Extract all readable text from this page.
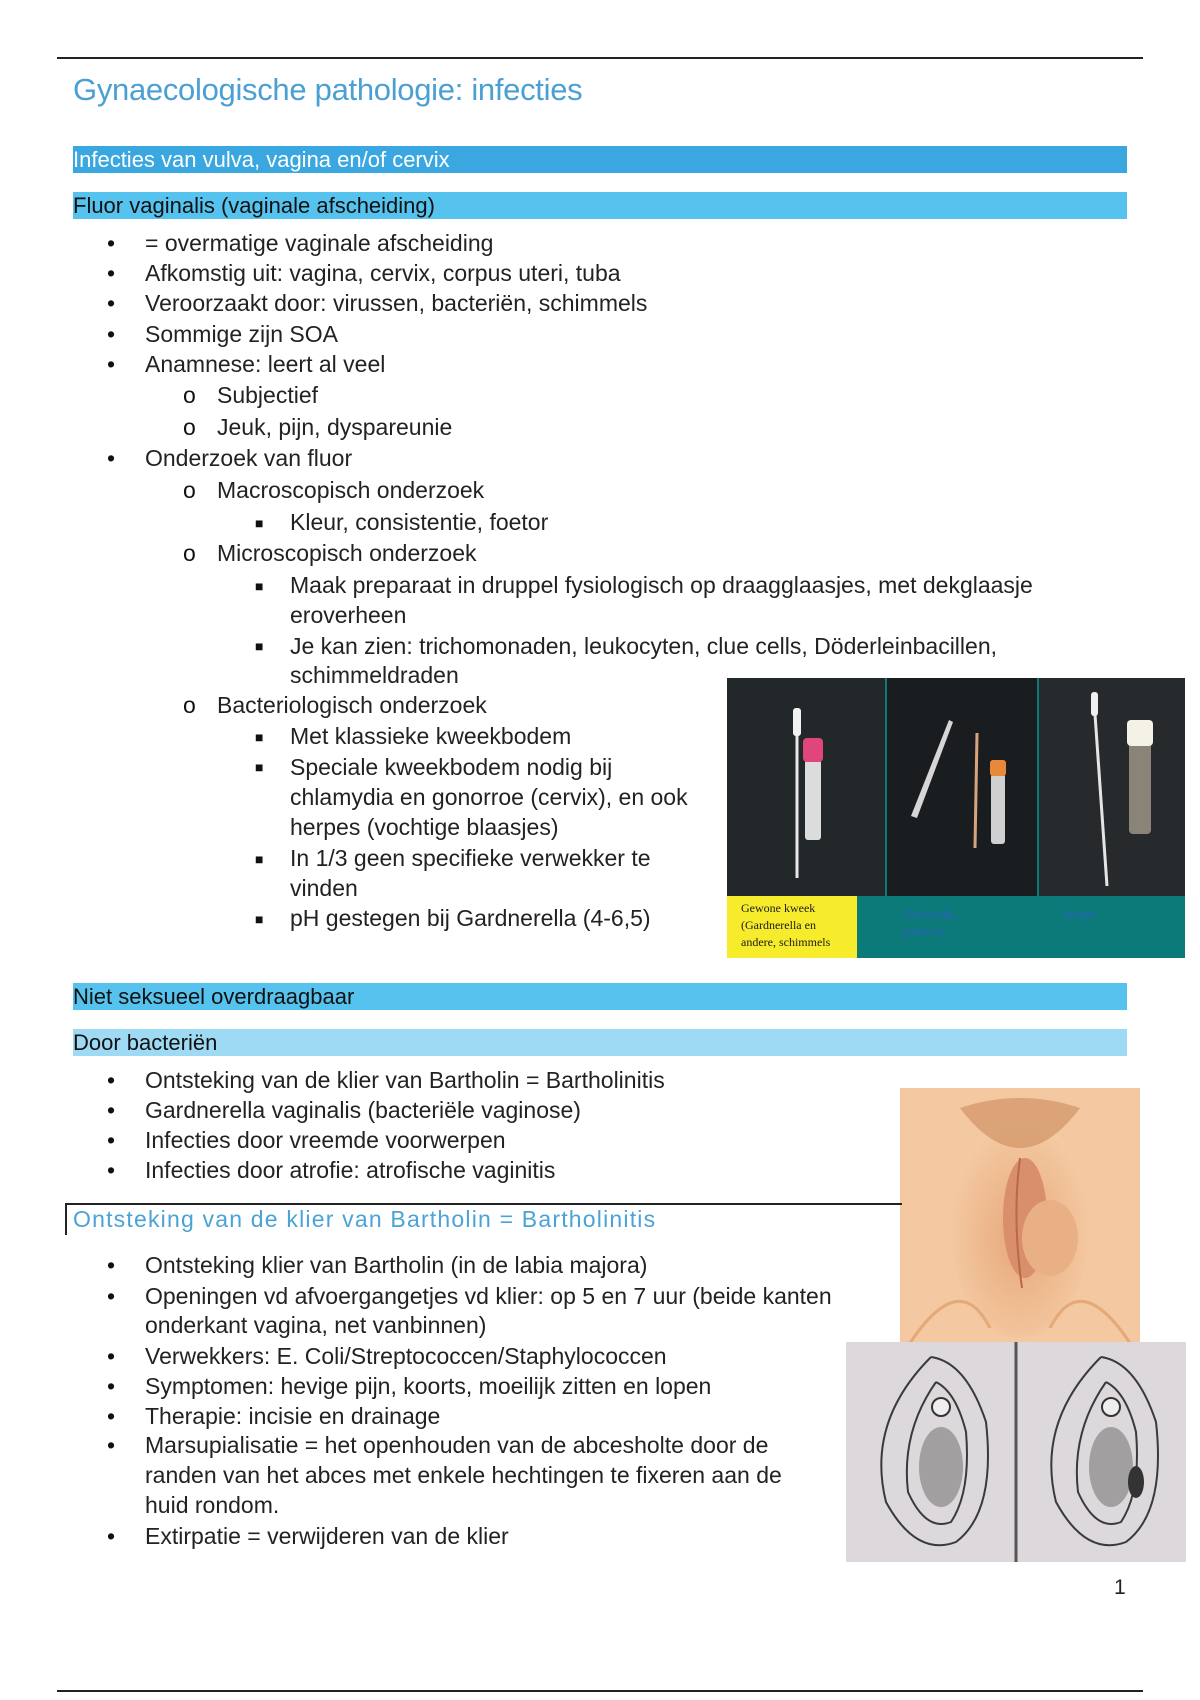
Gynaecologische pathologie: infecties
Infecties van vulva, vagina en/of cervix
Fluor vaginalis (vaginale afscheiding)
• = overmatige vaginale afscheiding
• Afkomstig uit: vagina, cervix, corpus uteri, tuba
• Veroorzaakt door: virussen, bacteriën, schimmels
• Sommige zijn SOA
• Anamnese: leert al veel
o Subjectief
o Jeuk, pijn, dyspareunie
• Onderzoek van fluor
o Macroscopisch onderzoek
■ Kleur, consistentie, foetor
o Microscopisch onderzoek
■ Maak preparaat in druppel fysiologisch op draagglaasjes, met dekglaasje
eroverheen
■ Je kan zien: trichomonaden, leukocyten, clue cells, Döderleinbacillen,
schimmeldraden
o Bacteriologisch onderzoek
■ Met klassieke kweekbodem
■ Speciale kweekbodem nodig bij
chlamydia en gonorroe (cervix), en ook
herpes (vochtige blaasjes)
■ In 1/3 geen specifieke verwekker te
vinden
■ pH gestegen bij Gardnerella (4-6,5)	Gewone kweek
(Gardnerella en
andere, schimmels
Chlamydia,
gonorroe
herpes
Niet seksueel overdraagbaar
Door bacteriën
• Ontsteking van de klier van Bartholin = Bartholinitis
• Gardnerella vaginalis (bacteriële vaginose)
• Infecties door vreemde voorwerpen
• Infecties door atrofie: atrofische vaginitis
Ontsteking van de klier van Bartholin = Bartholinitis
• Ontsteking klier van Bartholin (in de labia majora)
• Openingen vd afvoergangetjes vd klier: op 5 en 7 uur (beide kanten
onderkant vagina, net vanbinnen)
• Verwekkers: E. Coli/Streptococcen/Staphylococcen
• Symptomen: hevige pijn, koorts, moeilijk zitten en lopen
• Therapie: incisie en drainage
• Marsupialisatie = het openhouden van de abcesholte door de
randen van het abces met enkele hechtingen te fixeren aan de
huid rondom.
• Extirpatie = verwijderen van de klier
1
